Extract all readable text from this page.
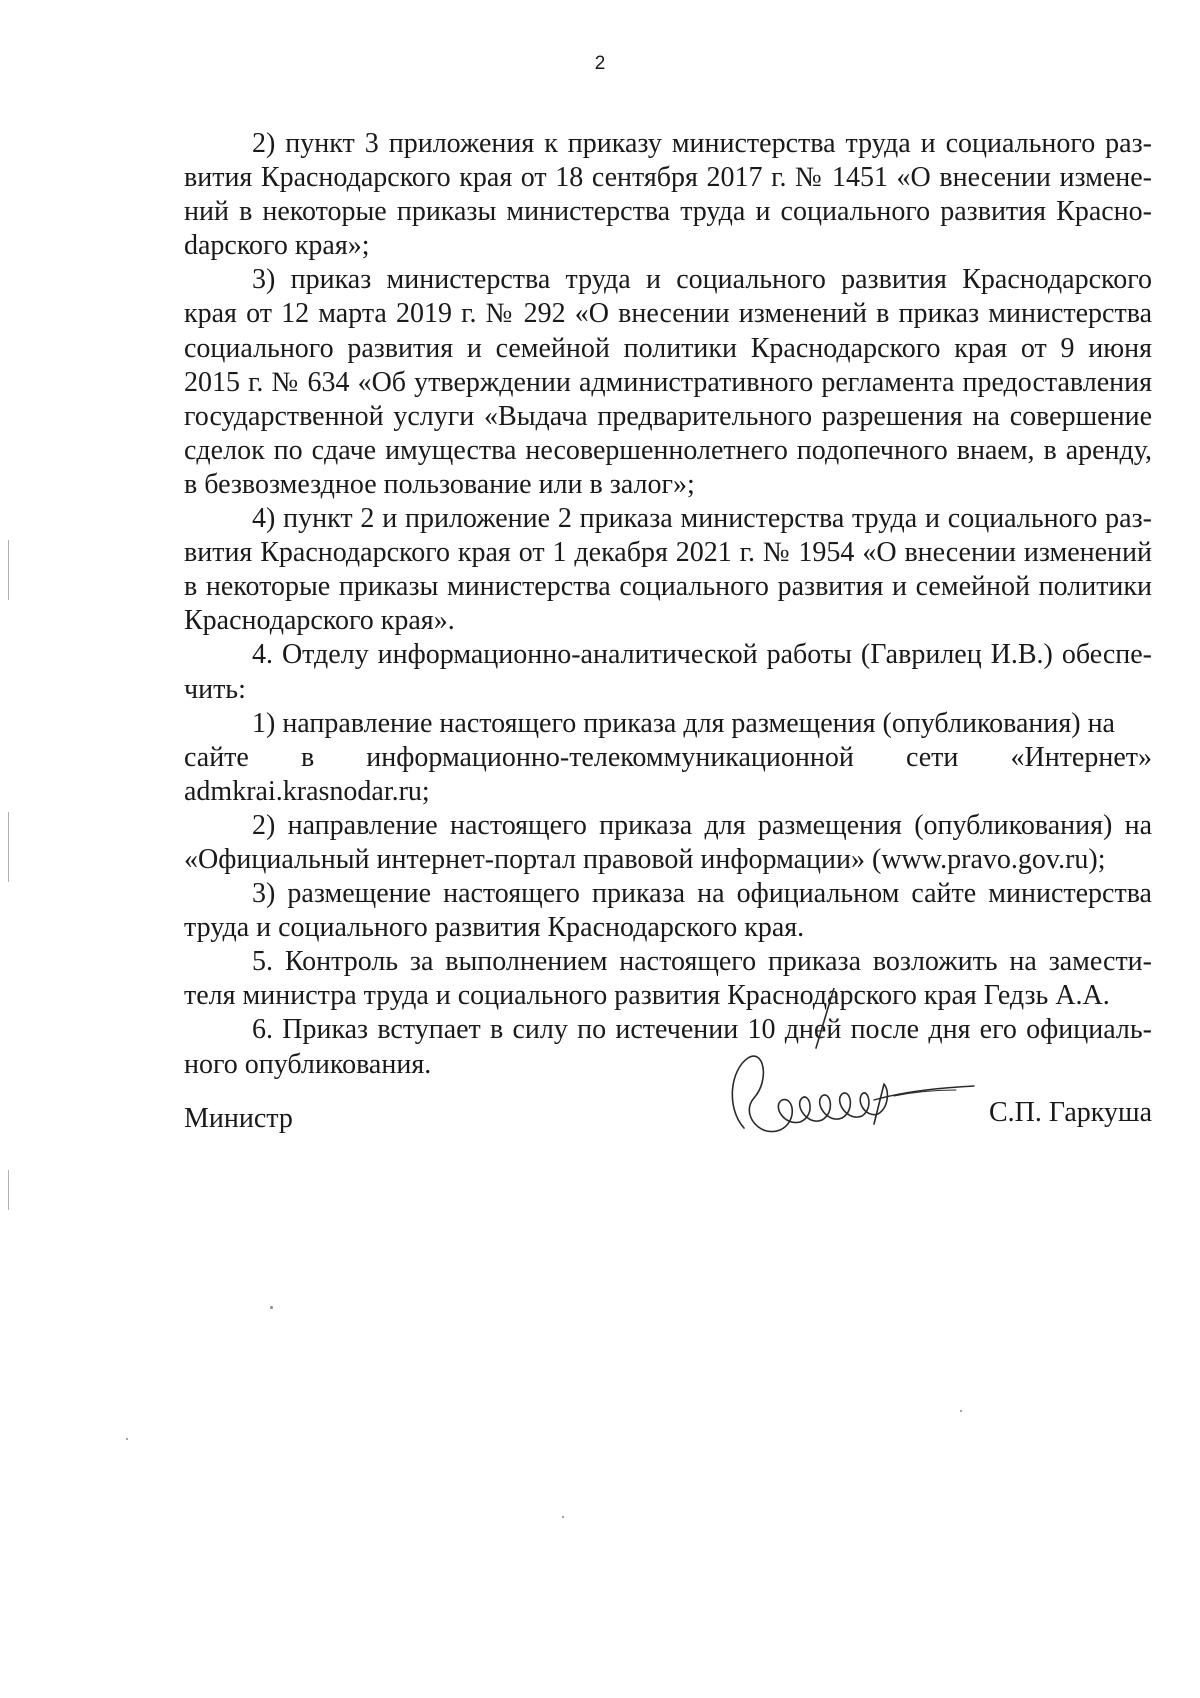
2

2) пункт 3 приложения к приказу министерства труда и социального развития Краснодарского края от 18 сентября 2017 г. № 1451 «О внесении изменений в некоторые приказы министерства труда и социального развития Красноdарского края»;

3) приказ министерства труда и социального развития Краснодарского края от 12 марта 2019 г. № 292 «О внесении изменений в приказ министерства социального развития и семейной политики Краснодарского края от 9 июня 2015 г. № 634 «Об утверждении административного регламента предоставления государственной услуги «Выдача предварительного разрешения на совершение сделок по сдаче имущества несовершеннолетнего подопечного внаем, в аренду, в безвозмездное пользование или в залог»;

4) пункт 2 и приложение 2 приказа министерства труда и социального развития Краснодарского края от 1 декабря 2021 г. № 1954 «О внесении изменений в некоторые приказы министерства социального развития и семейной политики Краснодарского края».

4. Отделу информационно-аналитической работы (Гаврилец И.В.) обеспечить:

1) направление настоящего приказа для размещения (опубликования) на
сайте в информационно-телекоммуникационной сети «Интернет»
admkrai.krasnodar.ru;

2) направление настоящего приказа для размещения (опубликования) на «Официальный интернет-портал правовой информации» (www.pravo.gov.ru);

3) размещение настоящего приказа на официальном сайте министерства труда и социального развития Краснодарского края.

5. Контроль за выполнением настоящего приказа возложить на заместителя министра труда и социального развития Краснодарского края Гедзь А.А.

6. Приказ вступает в силу по истечении 10 дней после дня его официального опубликования.

Министр	С.П. Гаркуша
